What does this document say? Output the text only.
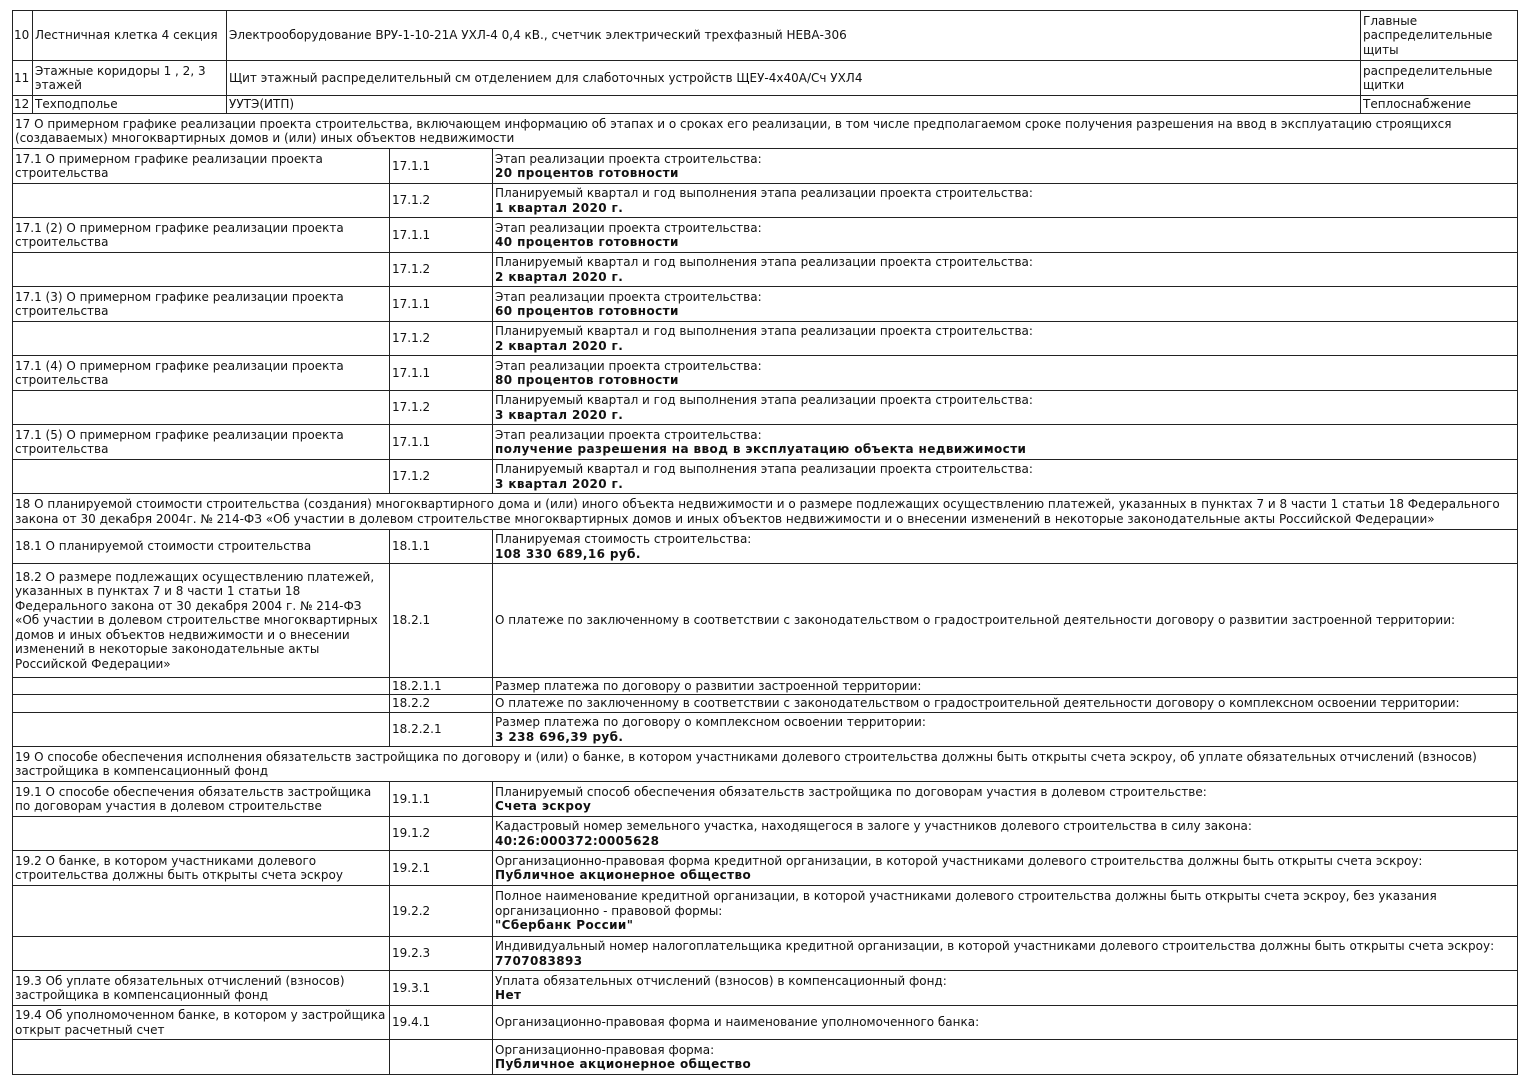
10	Лестничная клетка 4 секция	Электрооборудование ВРУ-1-10-21А УХЛ-4 0,4 кВ., счетчик электрический трехфазный НЕВА-306	Главные распределительные щиты
11	Этажные коридоры 1 , 2, 3 этажей	Щит этажный распределительный см отделением для слаботочных устройств ЩЕУ-4х40А/Сч УХЛ4	распределительные щитки
12	Техподполье	УУТЭ(ИТП)	Теплоснабжение
17 О примерном графике реализации проекта строительства, включающем информацию об этапах и о сроках его реализации, в том числе предполагаемом сроке получения разрешения на ввод в эксплуатацию строящихся (создаваемых) многоквартирных домов и (или) иных объектов недвижимости		
17.1 О примерном графике реализации проекта строительства	17.1.1	Этап реализации проекта строительства:
20 процентов готовности

	17.1.2	Планируемый квартал и год выполнения этапа реализации проекта строительства:
1 квартал 2020 г.

17.1 (2) О примерном графике реализации проекта строительства	17.1.1	Этап реализации проекта строительства:
40 процентов готовности

	17.1.2	Планируемый квартал и год выполнения этапа реализации проекта строительства:
2 квартал 2020 г.

17.1 (3) О примерном графике реализации проекта строительства	17.1.1	Этап реализации проекта строительства:
60 процентов готовности

	17.1.2	Планируемый квартал и год выполнения этапа реализации проекта строительства:
2 квартал 2020 г.

17.1 (4) О примерном графике реализации проекта строительства	17.1.1	Этап реализации проекта строительства:
80 процентов готовности

	17.1.2	Планируемый квартал и год выполнения этапа реализации проекта строительства:
3 квартал 2020 г.

17.1 (5) О примерном графике реализации проекта строительства	17.1.1	Этап реализации проекта строительства:
получение разрешения на ввод в эксплуатацию объекта недвижимости

	17.1.2	Планируемый квартал и год выполнения этапа реализации проекта строительства:
3 квартал 2020 г.

18 О планируемой стоимости строительства (создания) многоквартирного дома и (или) иного объекта недвижимости и о размере подлежащих осуществлению платежей, указанных в пунктах 7 и 8 части 1 статьи 18 Федерального закона от 30 декабря 2004г. № 214-ФЗ «Об участии в долевом строительстве многоквартирных домов и иных объектов недвижимости и о внесении изменений в некоторые законодательные акты Российской Федерации»		
18.1 О планируемой стоимости строительства	18.1.1	Планируемая стоимость строительства:
108 330 689,16 руб.

18.2 О размере подлежащих осуществлению платежей, указанных в пунктах 7 и 8 части 1 статьи 18 Федерального закона от 30 декабря 2004 г. № 214-ФЗ «Об участии в долевом строительстве многоквартирных домов и иных объектов недвижимости и о внесении изменений в некоторые законодательные акты Российской Федерации»	18.2.1	О платеже по заключенному в соответствии с законодательством о градостроительной деятельности договору о развитии застроенной территории:

	18.2.1.1	Размер платежа по договору о развитии застроенной территории:

	18.2.2	О платеже по заключенному в соответствии с законодательством о градостроительной деятельности договору о комплексном освоении территории:

	18.2.2.1	Размер платежа по договору о комплексном освоении территории:
3 238 696,39 руб.

19 О способе обеспечения исполнения обязательств застройщика по договору и (или) о банке, в котором участниками долевого строительства должны быть открыты счета эскроу, об уплате обязательных отчислений (взносов) застройщика в компенсационный фонд		
19.1 О способе обеспечения обязательств застройщика по договорам участия в долевом строительстве	19.1.1	Планируемый способ обеспечения обязательств застройщика по договорам участия в долевом строительстве:
Счета эскроу

	19.1.2	Кадастровый номер земельного участка, находящегося в залоге у участников долевого строительства в силу закона:
40:26:000372:0005628

19.2 О банке, в котором участниками долевого строительства должны быть открыты счета эскроу	19.2.1	Организационно-правовая форма кредитной организации, в которой участниками долевого строительства должны быть открыты счета эскроу:
Публичное акционерное общество

	19.2.2	Полное наименование кредитной организации, в которой участниками долевого строительства должны быть открыты счета эскроу, без указания организационно - правовой формы:
"Сбербанк России"

	19.2.3	Индивидуальный номер налогоплательщика кредитной организации, в которой участниками долевого строительства должны быть открыты счета эскроу:
7707083893

19.3 Об уплате обязательных отчислений (взносов) застройщика в компенсационный фонд	19.3.1	Уплата обязательных отчислений (взносов) в компенсационный фонд:
Нет

19.4 Об уполномоченном банке, в котором у застройщика открыт расчетный счет	19.4.1	Организационно-правовая форма и наименование уполномоченного банка:

		Организационно-правовая форма:
Публичное акционерное общество
